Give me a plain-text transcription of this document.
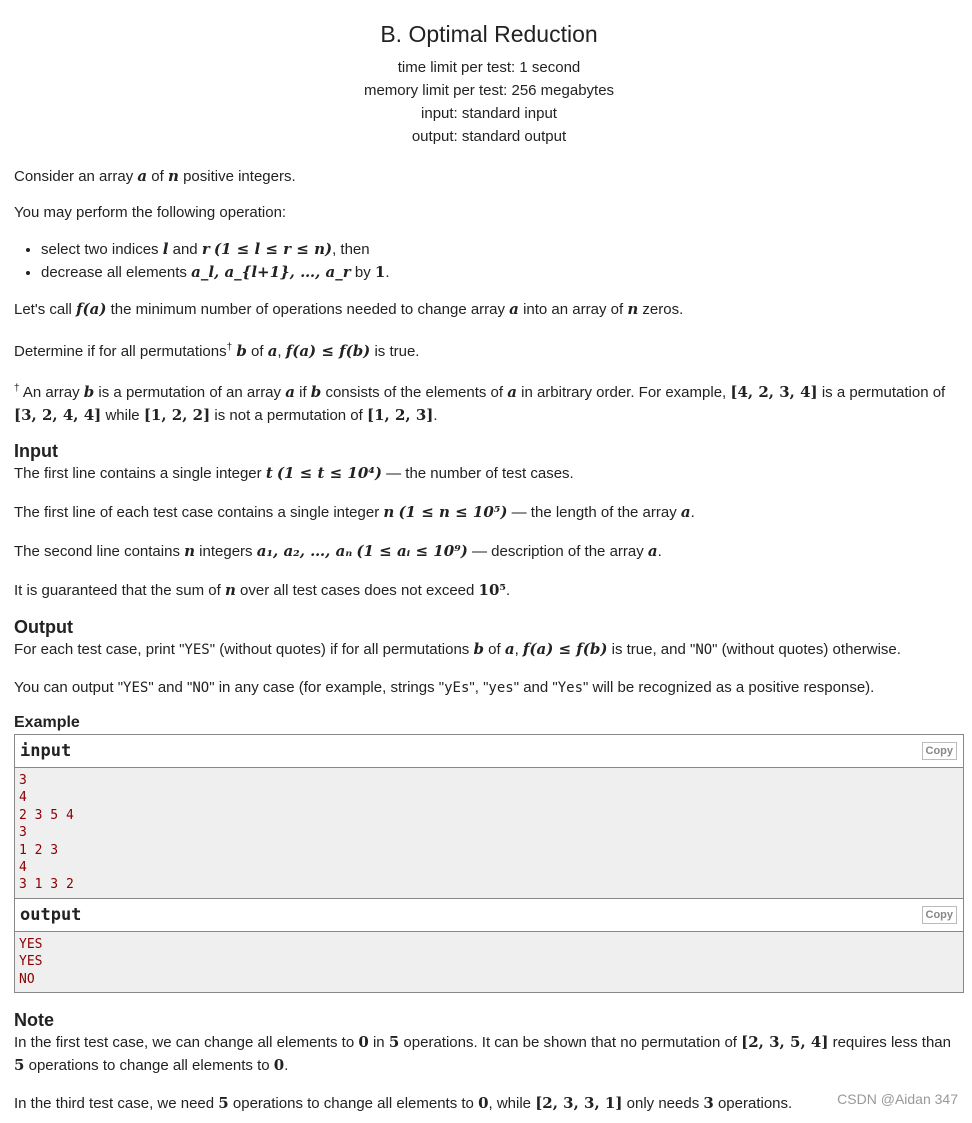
B. Optimal Reduction
time limit per test: 1 second
memory limit per test: 256 megabytes
input: standard input
output: standard output

Consider an array a of n positive integers.

You may perform the following operation:

• select two indices l and r (1 ≤ l ≤ r ≤ n), then
• decrease all elements a_l, a_{l+1}, …, a_r by 1.

Let's call f(a) the minimum number of operations needed to change array a into an array of n zeros.

Determine if for all permutations† b of a, f(a) ≤ f(b) is true.

† An array b is a permutation of an array a if b consists of the elements of a in arbitrary order. For example, [4, 2, 3, 4] is a permutation of
[3, 2, 4, 4] while [1, 2, 2] is not a permutation of [1, 2, 3].

Input

The first line contains a single integer t (1 ≤ t ≤ 10⁴) — the number of test cases.

The first line of each test case contains a single integer n (1 ≤ n ≤ 10⁵) — the length of the array a.

The second line contains n integers a₁, a₂, …, aₙ (1 ≤ aᵢ ≤ 10⁹) — description of the array a.

It is guaranteed that the sum of n over all test cases does not exceed 10⁵.

Output

For each test case, print "YES" (without quotes) if for all permutations b of a, f(a) ≤ f(b) is true, and "NO" (without quotes) otherwise.

You can output "YES" and "NO" in any case (for example, strings "yEs", "yes" and "Yes" will be recognized as a positive response).

Example
input	Copy
3
4
2 3 5 4
3
1 2 3
4
3 1 3 2
output	Copy
YES
YES
NO
Note

In the first test case, we can change all elements to 0 in 5 operations. It can be shown that no permutation of [2, 3, 5, 4] requires less than
5 operations to change all elements to 0.

In the third test case, we need 5 operations to change all elements to 0, while [2, 3, 3, 1] only needs 3 operations.	CSDN @Aidan 347
